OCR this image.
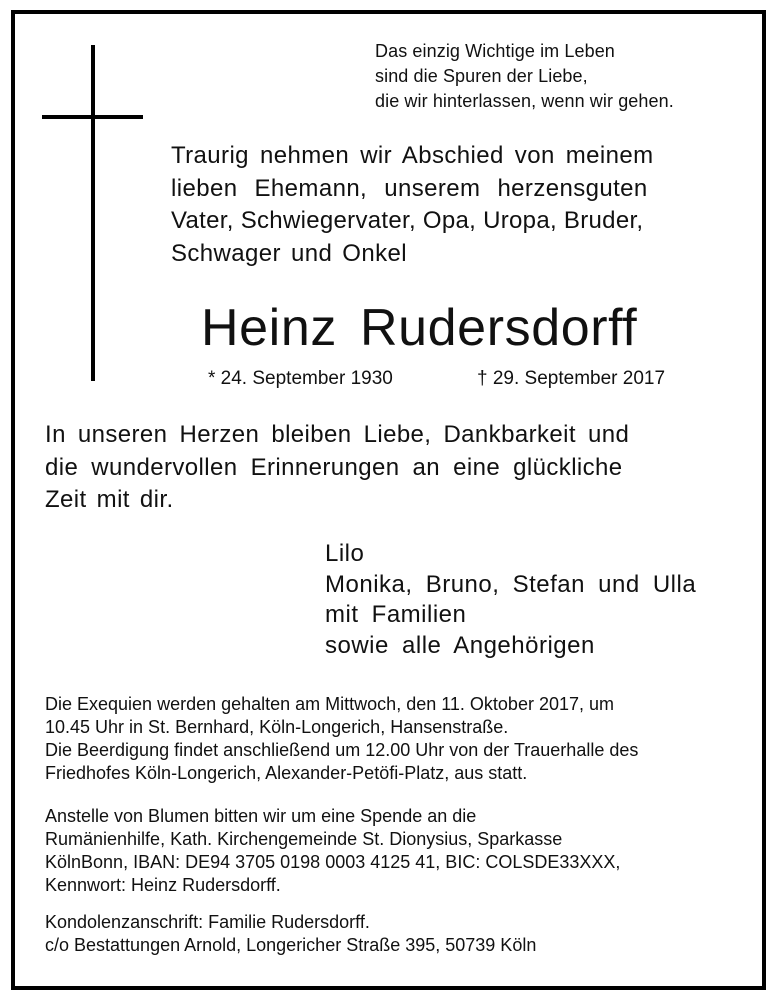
Das einzig Wichtige im Leben
sind die Spuren der Liebe,
die wir hinterlassen, wenn wir gehen.
Traurig nehmen wir Abschied von meinem
lieben Ehemann, unserem herzensguten
Vater, Schwiegervater, Opa, Uropa, Bruder,
Schwager und Onkel
Heinz Rudersdorff
* 24. September 1930	† 29. September 2017
In unseren Herzen bleiben Liebe, Dankbarkeit und
die wundervollen Erinnerungen an eine glückliche
Zeit mit dir.
Lilo
Monika, Bruno, Stefan und Ulla
mit Familien
sowie alle Angehörigen
Die Exequien werden gehalten am Mittwoch, den 11. Oktober 2017, um
10.45 Uhr in St. Bernhard, Köln-Longerich, Hansenstraße.
Die Beerdigung findet anschließend um 12.00 Uhr von der Trauerhalle des
Friedhofes Köln-Longerich, Alexander-Petöfi-Platz, aus statt.
Anstelle von Blumen bitten wir um eine Spende an die
Rumänienhilfe, Kath. Kirchengemeinde St. Dionysius, Sparkasse
KölnBonn, IBAN: DE94 3705 0198 0003 4125 41, BIC: COLSDE33XXX,
Kennwort: Heinz Rudersdorff.
Kondolenzanschrift: Familie Rudersdorff.
c/o Bestattungen Arnold, Longericher Straße 395, 50739 Köln
